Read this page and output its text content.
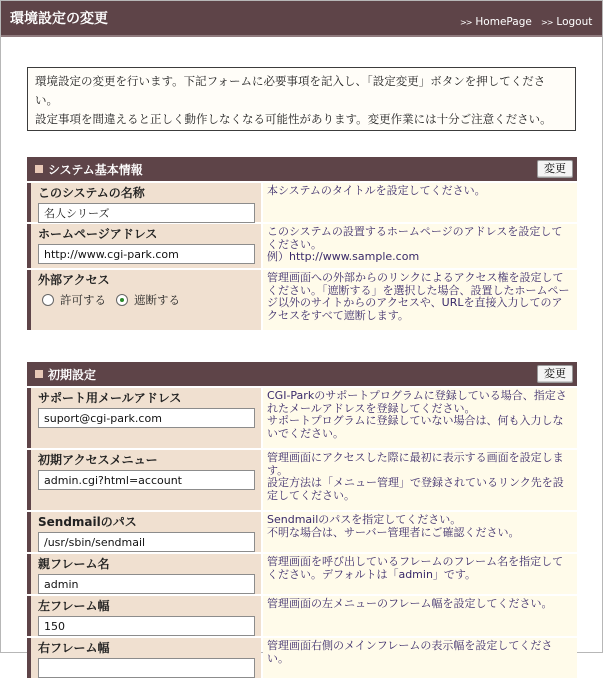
環境設定の変更	>> HomePage >> Logout
環境設定の変更を行います。下記フォームに必要事項を記入し、「設定変更」ボタンを押してください。
設定事項を間違えると正しく動作しなくなる可能性があります。変更作業には十分ご注意ください。
システム基本情報	変更
このシステムの名称
名人シリーズ	本システムのタイトルを設定してください。
ホームページアドレス
http://www.cgi-park.com	このシステムの設置するホームページのアドレスを設定してください。
例）http://www.sample.com
外部アクセス
許可する 遮断する
管理画面への外部からのリンクによるアクセス権を設定してください。「遮断する」を選択した場合、設置したホームページ以外のサイトからのアクセスや、URLを直接入力してのアクセスをすべて遮断します。
初期設定	変更
サポート用メールアドレス
suport@cgi-park.com	CGI-Parkのサポートプログラムに登録している場合、指定されたメールアドレスを登録してください。
サポートプログラムに登録していない場合は、何も入力しないでください。
初期アクセスメニュー
admin.cgi?html=account	管理画面にアクセスした際に最初に表示する画面を設定します。
設定方法は「メニュー管理」で登録されているリンク先を設定してください。
Sendmailのパス
/usr/sbin/sendmail	Sendmailのパスを指定してください。
不明な場合は、サーバー管理者にご確認ください。
親フレーム名
admin	管理画面を呼び出しているフレームのフレーム名を指定してください。デフォルトは「admin」です。
左フレーム幅
150	管理画面の左メニューのフレーム幅を設定してください。
右フレーム幅	管理画面右側のメインフレームの表示幅を設定してください。
